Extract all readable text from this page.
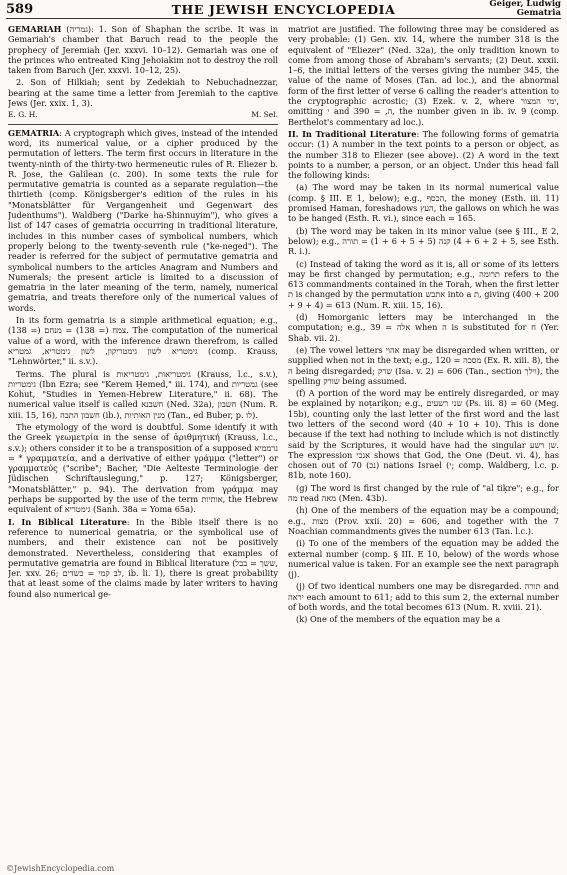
589	THE JEWISH ENCYCLOPEDIA	Geiger, Ludwig
Gematria

GEMARIAH (גמריה): 1. Son of Shaphan the scribe. It was in Gemariah's chamber that Baruch read to the people the prophecy of Jeremiah (Jer. xxxvi. 10–12). Gemariah was one of the princes who entreated King Jehoiakim not to destroy the roll taken from Baruch (Jer. xxxvi. 10–12, 25).

2. Son of Hilkiah; sent by Zedekiah to Nebuchadnezzar, bearing at the same time a letter from Jeremiah to the captive Jews (Jer. xxix. 1, 3).

E. G. H.	M. Sel.

GEMATRIA: A cryptograph which gives, instead of the intended word, its numerical value, or a cipher produced by the permutation of letters. The term first occurs in literature in the twenty-ninth of the thirty-two hermeneutic rules of R. Eliezer b. R. Jose, the Galilean (c. 200). In some texts the rule for permutative gematria is counted as a separate regulation—the thirtieth (comp. Königsberger's edition of the rules in his "Monatsblätter für Vergangenheit und Gegenwart des Judenthums"). Waldberg ("Darke ha-Shinnuyim"), who gives a list of 147 cases of gematria occurring in traditional literature, includes in this number cases of symbolical numbers, which properly belong to the twenty-seventh rule ("ke-neged"). The reader is referred for the subject of permutative gematria and symbolical numbers to the articles Anagram and Numbers and Numerals; the present article is limited to a discussion of gematria in the later meaning of the term, namely, numerical gematria, and treats therefore only of the numerical values of words.

In its form gematria is a simple arithmetical equation; e.g., צמח (= 138) = מנחם (= 138). The computation of the numerical value of a word, with the inference drawn therefrom, is called גימטריא לשון גימטריקון, לשון גימטריא, גמטריא (comp. Krauss, "Lehnwörter," ii. s.v.).

Terms. The plural is גימטריאות, גימטריאות (Krauss, l.c., s.v.), גימטריות (Ibn Ezra; see "Kerem Ḥemed," iii. 174), and גמטריות (see Kohut, "Studies in Yemen-Hebrew Literature," ii. 68). The numerical value itself is called חשבנא (Ned. 32a), חשבון (Num. R. xiii. 15, 16), חשבון התבה (ib.), מנין האותיות (Tan., ed Buber, p. לו).

The etymology of the word is doubtful. Some identify it with the Greek γεωμετρία in the sense of ἀριθμητική (Krauss, l.c., s.v.); others consider it to be a transposition of a supposed גרממיא = * γραμματεία, and a derivative of either γράμμα ("letter") or γραμματεύς ("scribe"; Bacher, "Die Aelteste Terminologie der Jüdischen Schriftauslegung," p. 127; Königsberger, "Monatsblätter," p. 94). The derivation from γράμμα may perhaps be supported by the use of the term אותיות, the Hebrew equivalent of גימטריא (Sanh. 38a = Yoma 65a).

I. In Biblical Literature: In the Bible itself there is no reference to numerical gematria, or the symbolical use of numbers, and their existence can not be positively demonstrated. Nevertheless, considering that examples of permutative gematria are found in Biblical literature (ששך = בבל, Jer. xxv. 26; לב קמי = כשדים, ib. li. 1), there is great probability that at least some of the claims made by later writers to having found also numerical ge-

matriot are justified. The following three may be considered as very probable: (1) Gen. xiv. 14, where the number 318 is the equivalent of "Eliezer" (Ned. 32a), the only tradition known to come from among those of Abraham's servants; (2) Deut. xxxii. 1–6, the initial letters of the verses giving the number 345, the value of the name of Moses (Tan. ad loc.), and the abnormal form of the first letter of verse 6 calling the reader's attention to the cryptographic acrostic; (3) Ezek. v. 2, where ימי המצור, omitting י and ה, = 390, the number given in ib. iv. 9 (comp. Berthelot's commentary ad loc.).

II. In Traditional Literature: The following forms of gematria occur: (1) A number in the text points to a person or object, as the number 318 to Eliezer (see above). (2) A word in the text points to a number, a person, or an object. Under this head fall the following kinds:

(a) The word may be taken in its normal numerical value (comp. § III. E 1, below); e.g., הכסף, the money (Esth. iii. 11) promised Haman, foreshadows העץ, the gallows on which he was to be hanged (Esth. R. vi.), since each = 165.

(b) The word may be taken in its minor value (see § III., E 2, below); e.g., קנה (5 + 5 + 6 + 1) = תורה (5 + 2 + 6 + 4, see Esth. R. i.).

(c) Instead of taking the word as it is, all or some of its letters may be first changed by permutation; e.g., תרומה refers to the 613 commandments contained in the Torah, when the first letter ת is changed by the permutation אתבש into a ת, giving (400 + 200 + 9 + 4) = 613 (Num. R. xiii. 15, 16).

(d) Homorganic letters may be interchanged in the computation; e.g., אלה = 39 when ה is substituted for ח (Yer. Shab. vii. 2).

(e) The vowel letters אהוי may be disregarded when written, or supplied when not in the text; e.g., מסכה = 120 (Ex. R. xiii. 8), the ה being disregarded; שרק (Isa. v. 2) = 606 (Tan., section וילך), the spelling שורק being assumed.

(f) A portion of the word may be entirely disregarded, or may be explained by noṭariḳon; e.g., שני רשעים (Ps. iii. 8) = 60 (Meg. 15b), counting only the last letter of the first word and the last two letters of the second word (40 + 10 + 10). This is done because if the text had nothing to include which is not distinctly said by the Scriptures, it would have had the singular שן רשע. The expression אנכי shows that God, the One (Deut. vi. 4), has chosen out of 70 (נכ) nations Israel (י; comp. Waldberg, l.c. p. 81b, note 160).

(g) The word is first changed by the rule of "al tiḳre"; e.g., for מה read מאה (Men. 43b).

(h) One of the members of the equation may be a compound; e.g., מצות (Prov. xxii. 20) = 606, and together with the 7 Noachian commandments gives the number 613 (Tan. l.c.).

(i) To one of the members of the equation may be added the external number (comp. § III. E 10, below) of the words whose numerical value is taken. For an example see the next paragraph (j).

(j) Of two identical numbers one may be disregarded. תורה and יראה each amount to 611; add to this sum 2, the external number of both words, and the total becomes 613 (Num. R. xviii. 21).

(k) One of the members of the equation may be a

©JewishEncyclopedia.com
